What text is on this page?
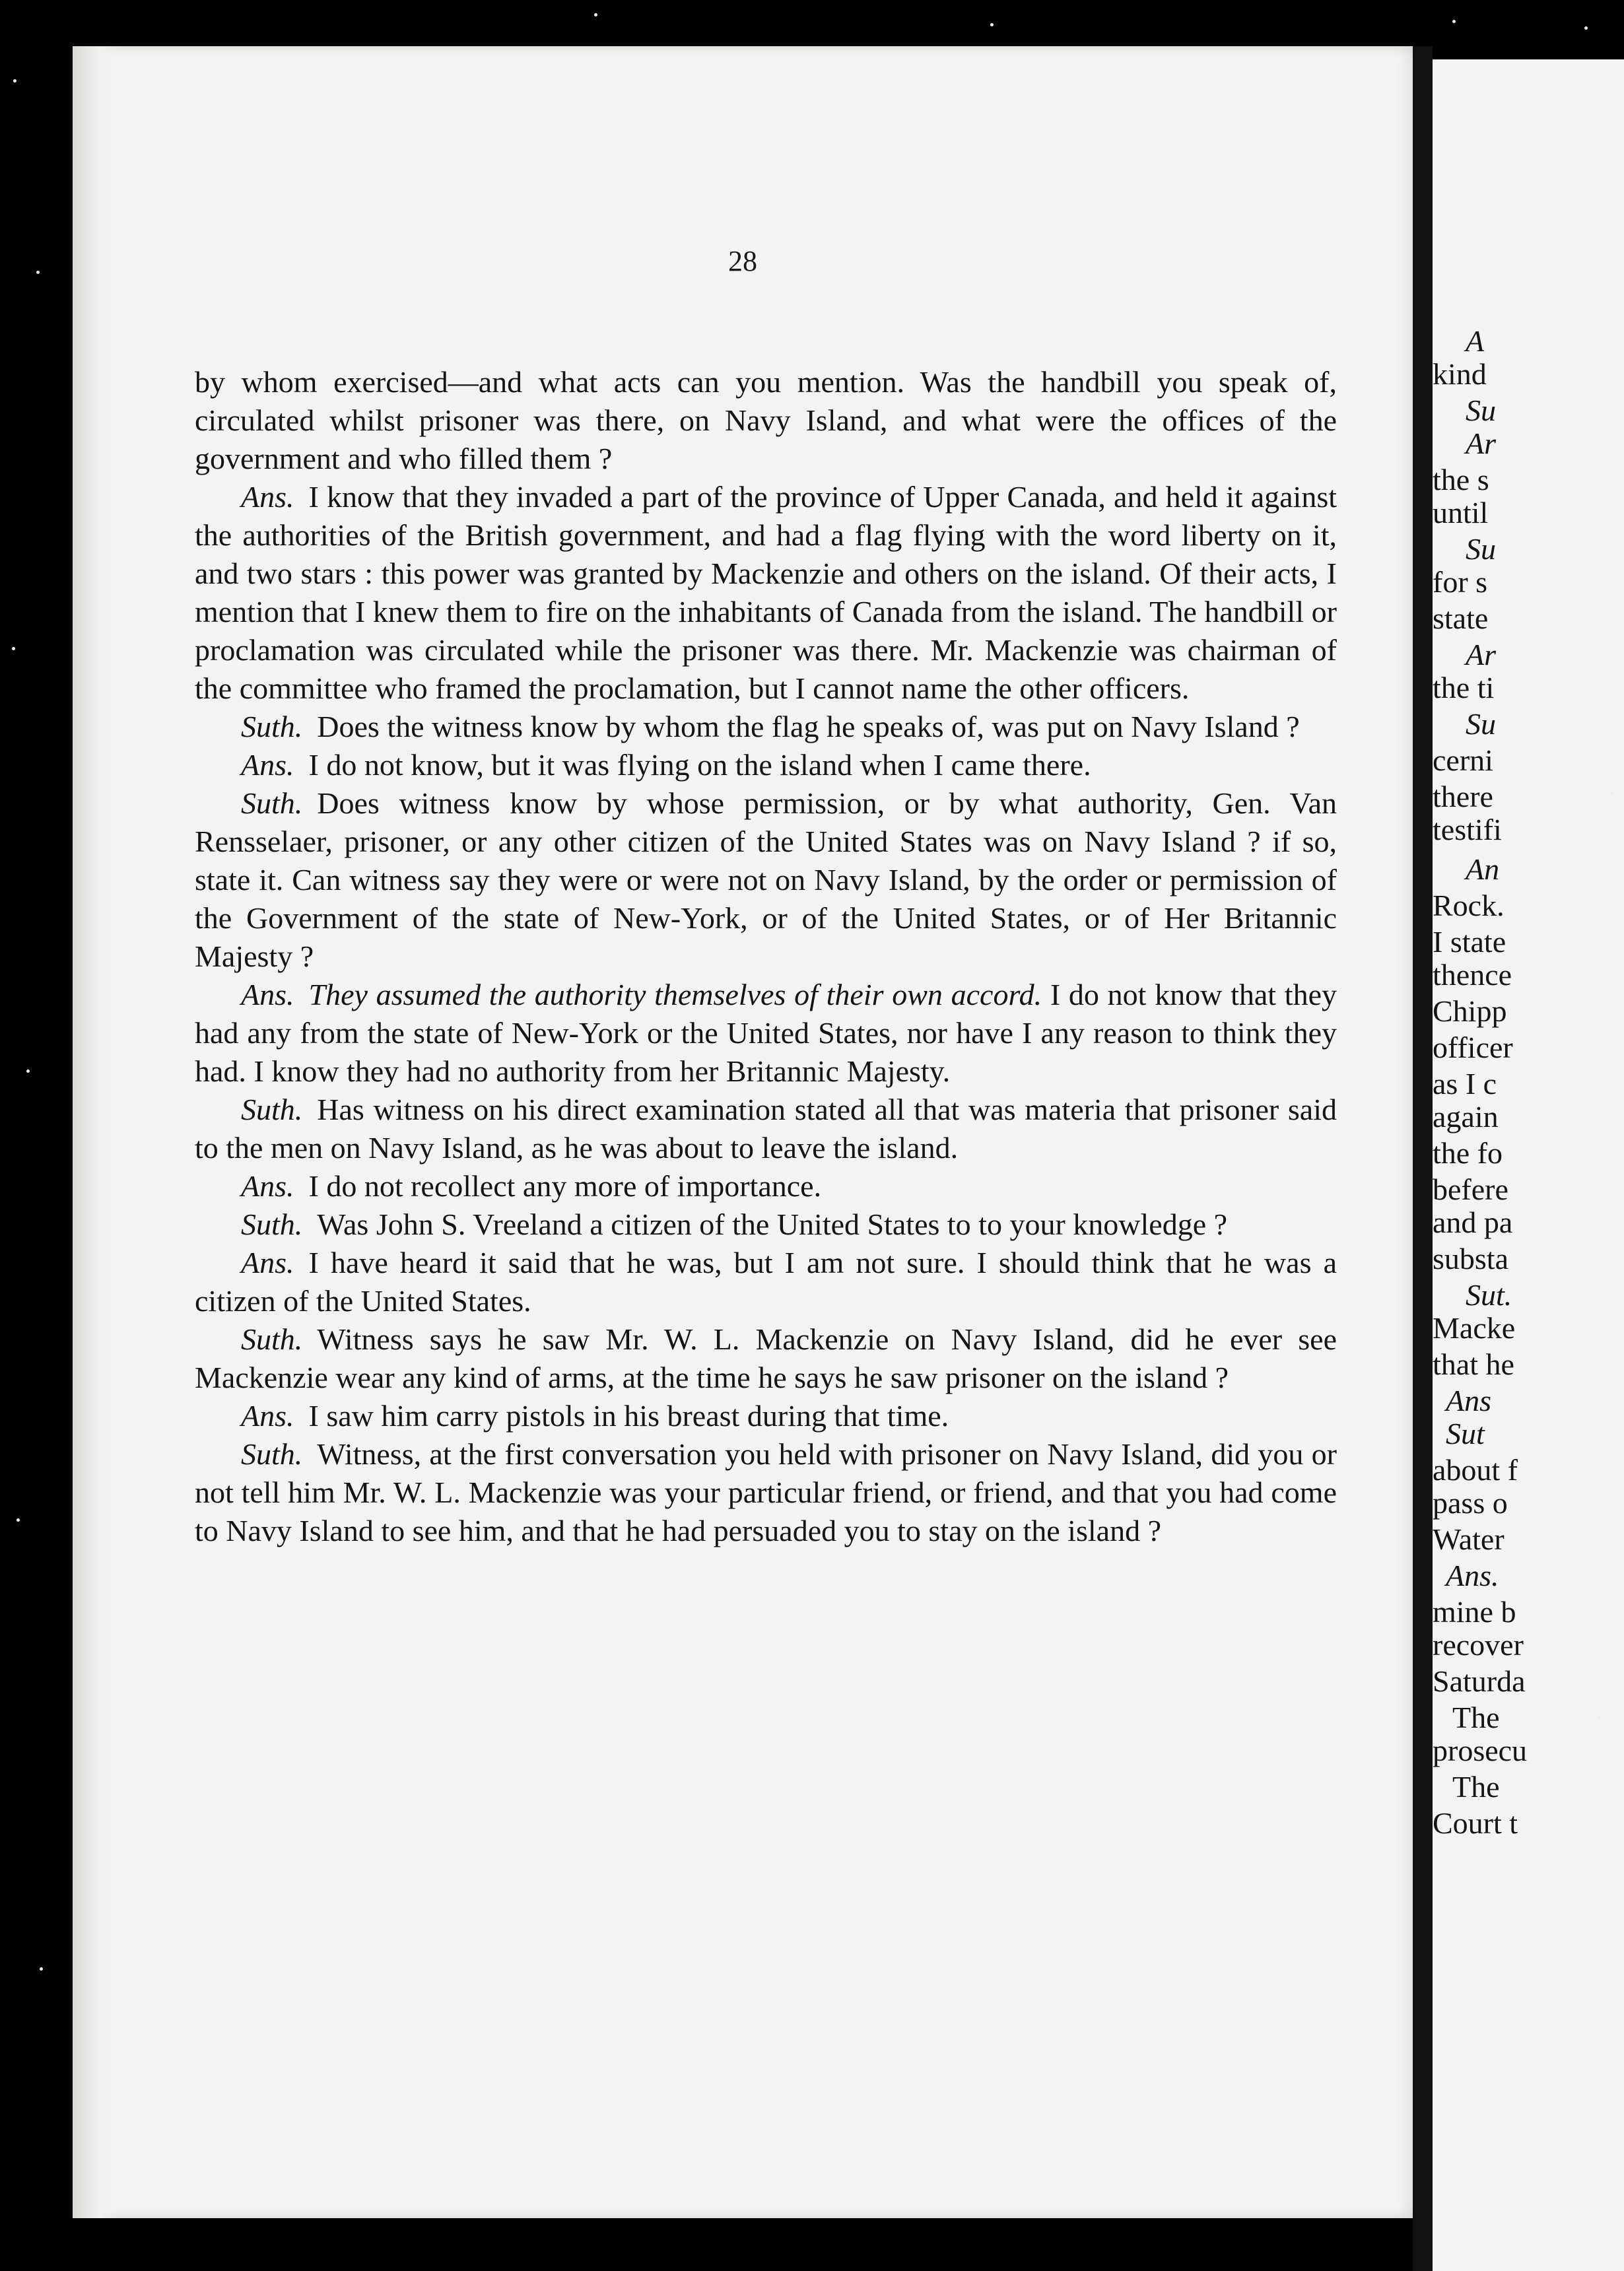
28

by whom exercised—and what acts can you mention. Was the handbill you speak of, circulated whilst prisoner was there, on Navy Island, and what were the offices of the government and who filled them ?

Ans. I know that they invaded a part of the province of Upper Canada, and held it against the authorities of the British government, and had a flag flying with the word liberty on it, and two stars : this power was granted by Mackenzie and others on the island. Of their acts, I mention that I knew them to fire on the inhabitants of Canada from the island. The handbill or proclamation was circulated while the prisoner was there. Mr. Mackenzie was chairman of the committee who framed the proclamation, but I cannot name the other officers.

Suth. Does the witness know by whom the flag he speaks of, was put on Navy Island ?

Ans. I do not know, but it was flying on the island when I came there.

Suth. Does witness know by whose permission, or by what authority, Gen. Van Rensselaer, prisoner, or any other citizen of the United States was on Navy Island ? if so, state it. Can witness say they were or were not on Navy Island, by the order or permission of the Government of the state of New-York, or of the United States, or of Her Britannic Majesty ?

Ans. They assumed the authority themselves of their own accord. I do not know that they had any from the state of New-York or the United States, nor have I any reason to think they had. I know they had no authority from her Britannic Majesty.

Suth. Has witness on his direct examination stated all that was materia that prisoner said to the men on Navy Island, as he was about to leave the island.

Ans. I do not recollect any more of importance.

Suth. Was John S. Vreeland a citizen of the United States to to your knowledge ?

Ans. I have heard it said that he was, but I am not sure. I should think that he was a citizen of the United States.

Suth. Witness says he saw Mr. W. L. Mackenzie on Navy Island, did he ever see Mackenzie wear any kind of arms, at the time he says he saw prisoner on the island ?

Ans. I saw him carry pistols in his breast during that time.

Suth. Witness, at the first conversation you held with prisoner on Navy Island, did you or not tell him Mr. W. L. Mackenzie was your particular friend, or friend, and that you had come to Navy Island to see him, and that he had persuaded you to stay on the island ?

A
kind
Su
Ar
the s
until
Su
for s
state
Ar
the ti
Su
cerni
there
testifi
An
Rock.
I state
thence
Chipp
officer
as I c
again
the fo
befere
and pa
substa
Sut.
Macke
that he
Ans
Sut
about f
pass o
Water
Ans.
mine b
recover
Saturda
The
prosecu
The
Court t
